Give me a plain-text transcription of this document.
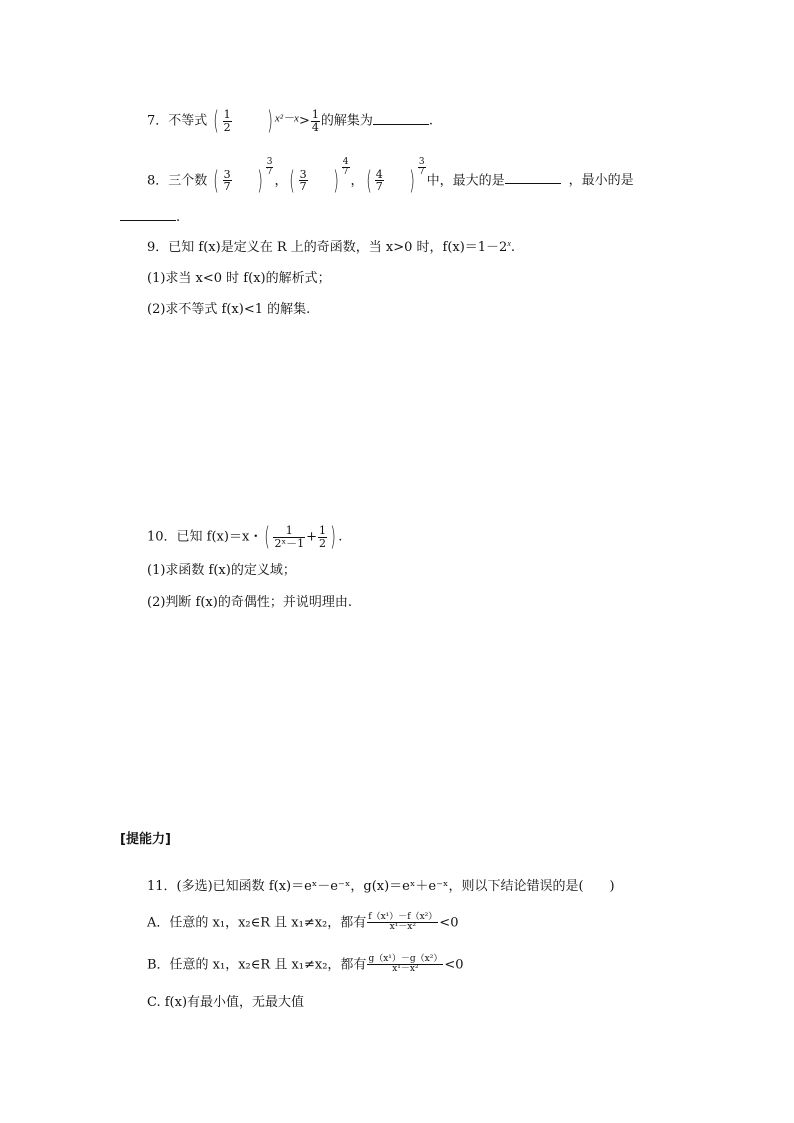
7．不等式 ( $\frac{1}{2}$ ) $^{x^2-x}> \frac{1}{4}$ 的解集为	.
8．三个数 ( $\frac{3}{7}$ ) $\frac{3}{7}$
，( $\frac{3}{7}$ ) $\frac{4}{7}$
，( $\frac{4}{7}$ ) $\frac{3}{7}$
中，最大的是	，最小的是
.
9．已知 f(x)是定义在 R 上的奇函数，当 x>0 时，$f(x)=1-2^x$.
(1)求当 x<0 时 f(x)的解析式；
(2)求不等式 f(x)<1 的解集.
10．已知 f(x)＝x・( $\frac{1}{\text{2ˣ－1}} + \frac{1}{2}$ ) .
(1)求函数 f(x)的定义域；
(2)判断 f(x)的奇偶性；并说明理由.
[提能力]
11．(多选)已知函数 f(x)＝eˣ－e⁻ˣ，g(x)＝eˣ＋e⁻ˣ，则以下结论错误的是(　　)
A．任意的 x₁，x₂∈R 且 x₁≠x₂，都有 $\frac{\text{f（x¹）－f（x²）}}{\text{x¹－x²}} <0$
B．任意的 x₁，x₂∈R 且 x₁≠x₂，都有 $\frac{\text{g（x¹）－g（x²）}}{\text{x¹－x²}} <0$
C. f(x)有最小值，无最大值
